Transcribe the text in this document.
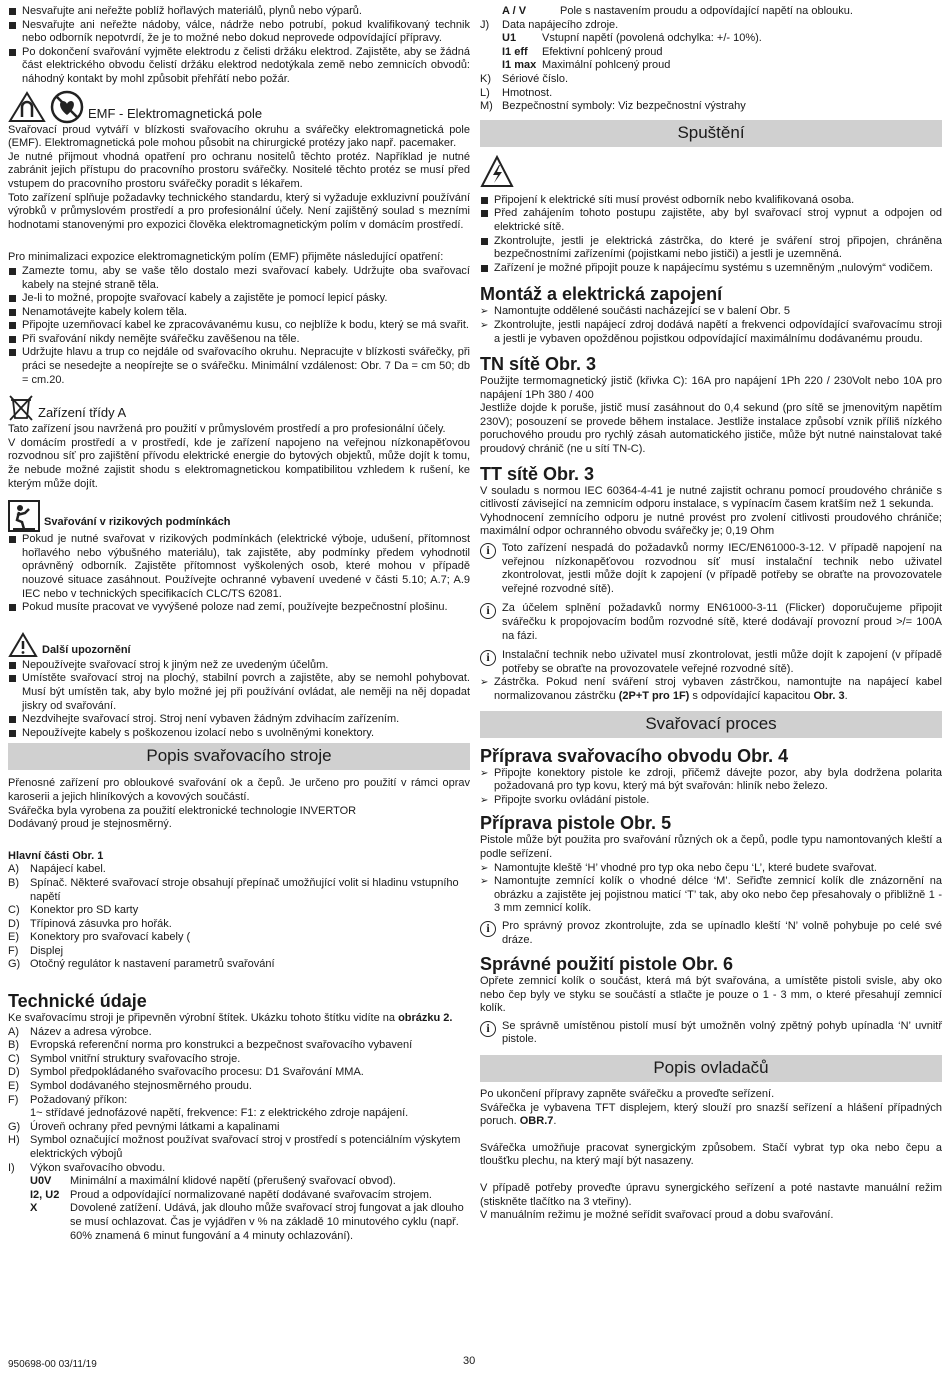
Nesvařujte ani neřežte poblíž hořlavých materiálů, plynů nebo výparů.

Nesvařujte ani neřežte nádoby, válce, nádrže nebo potrubí, pokud kvalifikovaný technik nebo odborník nepotvrdí, že je to možné nebo dokud neprovede odpovídající přípravy.

Po dokončení svařování vyjměte elektrodu z čelisti držáku elektrod. Zajistěte, aby se žádná část elektrického obvodu čelistí držáku elektrod nedotýkala země nebo zemnicích obvodů: náhodný kontakt by mohl způsobit přehřátí nebo požár.

EMF - Elektromagnetická pole

Svařovací proud vytváří v blízkosti svařovacího okruhu a svářečky elektromagnetická pole (EMF). Elektromagnetická pole mohou působit na chirurgické protézy jako např. pacemaker.

Je nutné přijmout vhodná opatření pro ochranu nositelů těchto protéz. Například je nutné zabránit jejich přístupu do pracovního prostoru svářečky. Nositelé těchto protéz se musí před vstupem do pracovního prostoru svářečky poradit s lékařem.

Toto zařízení splňuje požadavky technického standardu, který si vyžaduje exkluzivní používání výrobků v průmyslovém prostředí a pro profesionální účely. Není zajištěný soulad s mezními hodnotami stanovenými pro expozici člověka elektromagnetickým polím v domácím prostředí.

Pro minimalizaci expozice elektromagnetickým polím (EMF) přijměte následující opatření:

Zamezte tomu, aby se vaše tělo dostalo mezi svařovací kabely. Udržujte oba svařovací kabely na stejné straně těla.

Je-li to možné, propojte svařovací kabely a zajistěte je pomocí lepicí pásky.

Nenamotávejte kabely kolem těla.

Připojte uzemňovací kabel ke zpracovávanému kusu, co nejblíže k bodu, který se má svařit.

Při svařování nikdy nemějte svářečku zavěšenou na těle.

Udržujte hlavu a trup co nejdále od svařovacího okruhu. Nepracujte v blízkosti svářečky, při práci se nesedejte a neopírejte se o svářečku. Minimální vzdálenost: Obr. 7 Da = cm 50; db = cm.20.

Zařízení třídy A

Tato zařízení jsou navržená pro použití v průmyslovém prostředí a pro profesionální účely.

V domácím prostředí a v prostředí, kde je zařízení napojeno na veřejnou nízkonapěťovou rozvodnou síť pro zajištění přívodu elektrické energie do bytových objektů, může dojít k tomu, že nebude možné zajistit shodu s elektromagnetickou kompatibilitou vzhledem k rušení, ke kterým může dojít.

Svařování v rizikových podmínkách

Pokud je nutné svařovat v rizikových podmínkách (elektrické výboje, udušení, přítomnost hořlavého nebo výbušného materiálu), tak zajistěte, aby podmínky předem vyhodnotil oprávněný odborník. Zajistěte přítomnost vyškolených osob, které mohou v případě nouzové situace zasáhnout. Používejte ochranné vybavení uvedené v části 5.10; A.7; A.9 IEC nebo v technických specifikacích CLC/TS 62081.

Pokud musíte pracovat ve vyvýšené poloze nad zemí, používejte bezpečnostní plošinu.

Další upozornění

Nepoužívejte svařovací stroj k jiným než ze uvedeným účelům.

Umístěte svařovací stroj na plochý, stabilní povrch a zajistěte, aby se nemohl pohybovat. Musí být umístěn tak, aby bylo možné jej při používání ovládat, ale neměji na něj dopadat jiskry od svařování.

Nezdvihejte svařovací stroj. Stroj není vybaven žádným zdvihacím zařízením.

Nepoužívejte kabely s poškozenou izolací nebo s uvolněnými konektory.

Popis svařovacího stroje

Přenosné zařízení pro obloukové svařování ok a čepů. Je určeno pro použití v rámci oprav karoserii a jejich hliníkových a kovových součástí.

Svářečka byla vyrobena za použití elektronické technologie INVERTOR

Dodávaný proud je stejnosměrný.

Hlavní části Obr. 1

A) Napájecí kabel.

B) Spínač. Některé svařovací stroje obsahují přepínač umožňující volit si hladinu vstupního napětí

C) Konektor pro SD karty

D) Třípinová zásuvka pro hořák.

E) Konektory pro svařovací kabely (

F) Displej

G) Otočný regulátor k nastavení parametrů svařování

Technické údaje

Ke svařovacímu stroji je připevněn výrobní štítek. Ukázku tohoto štítku vidíte na obrázku 2.

A) Název a adresa výrobce.

B) Evropská referenční norma pro konstrukci a bezpečnost svařovacího vybavení

C) Symbol vnitřní struktury svařovacího stroje.

D) Symbol předpokládaného svařovacího procesu: D1 Svařování MMA.

E) Symbol dodávaného stejnosměrného proudu.

F) Požadovaný příkon:

1~ střídavé jednofázové napětí, frekvence: F1: z elektrického zdroje napájení.

G) Úroveň ochrany před pevnými látkami a kapalinami

H) Symbol označující možnost používat svařovací stroj v prostředí s potenciálním výskytem elektrických výbojů

I) Výkon svařovacího obvodu.

U0V	Minimální a maximální klidové napětí (přerušený svařovací obvod).
I2, U2 Proud a odpovídající normalizované napětí dodávané svařovacím strojem.
X	Dovolené zatížení. Udává, jak dlouho může svařovací stroj fungovat a jak dlouho se musí ochlazovat. Čas je vyjádřen v % na základě 10 minutového cyklu (např. 60% znamená 6 minut fungování a 4 minuty ochlazování).
A / V	Pole s nastavením proudu a odpovídající napětí na oblouku.

J) Data napájecího zdroje.

U1	Vstupní napětí (povolená odchylka: +/- 10%).
I1 eff	Efektivní pohlcený proud
I1 max Maximální pohlcený proud

K) Sériové číslo.

L) Hmotnost.

M) Bezpečnostní symboly: Viz bezpečnostní výstrahy

Spuštění

Připojení k elektrické síti musí provést odborník nebo kvalifikovaná osoba.

Před zahájením tohoto postupu zajistěte, aby byl svařovací stroj vypnut a odpojen od elektrické sítě.

Zkontrolujte, jestli je elektrická zástrčka, do které je sváření stroj připojen, chráněna bezpečnostními zařízeními (pojistkami nebo jističi) a jestli je uzemněná.

Zařízení je možné připojit pouze k napájecímu systému s uzemněným „nulovým“ vodičem.

Montáž a elektrická zapojení

➢ Namontujte oddělené součásti nacházející se v balení Obr. 5

➢ Zkontrolujte, jestli napájecí zdroj dodává napětí a frekvenci odpovídající svařovacímu stroji a jestli je vybaven opožděnou pojistkou odpovídající maximálnímu dodávanému proudu.

TN sítě Obr. 3

Použijte termomagnetický jistič (křivka C): 16A pro napájení 1Ph 220 / 230Volt nebo 10A pro napájení 1Ph 380 / 400

Jestliže dojde k poruše, jistič musí zasáhnout do 0,4 sekund (pro sítě se jmenovitým napětím 230V); posouzení se provede během instalace. Jestliže instalace způsobí vznik příliš nízkého poruchového proudu pro rychlý zásah automatického jističe, může být nutné nainstalovat také proudový chránič (ne u sítí TN-C).

TT sítě Obr. 3

V souladu s normou IEC 60364-4-41 je nutné zajistit ochranu pomocí proudového chrániče s citlivostí závisející na zemnicím odporu instalace, s vypínacím časem kratším než 1 sekunda.

Vyhodnocení zemnícího odporu je nutné provést pro zvolení citlivosti proudového chrániče; maximální odpor ochranného obvodu svářečky je; 0,19 Ohm

i	Toto zařízení nespadá do požadavků normy IEC/EN61000-3-12. V případě napojení na veřejnou nízkonapěťovou rozvodnou síť musí instalační technik nebo uživatel zkontrolovat, jestli může dojít k zapojení (v případě potřeby se obraťte na provozovatele veřejné rozvodné sítě).

i	Za účelem splnění požadavků normy EN61000-3-11 (Flicker) doporučujeme připojit svářečku k propojovacím bodům rozvodné sítě, které dodávají provozní proud >/= 100A na fázi.

i	Instalační technik nebo uživatel musí zkontrolovat, jestli může dojít k zapojení (v případě potřeby se obraťte na provozovatele veřejné rozvodné sítě).

➢ Zástrčka. Pokud není sváření stroj vybaven zástrčkou, namontujte na napájecí kabel normalizovanou zástrčku (2P+T pro 1F) s odpovídající kapacitou Obr. 3.

Svařovací proces
Příprava svařovacího obvodu Obr. 4

➢ Připojte konektory pistole ke zdroji, přičemž dávejte pozor, aby byla dodržena polarita požadovaná pro typ kovu, který má být svařován: hliník nebo železo.

➢ Připojte svorku ovládání pistole.

Příprava pistole Obr. 5

Pistole může být použita pro svařování různých ok a čepů, podle typu namontovaných kleští a podle seřízení.

➢ Namontujte kleště ‘H’ vhodné pro typ oka nebo čepu ‘L’, které budete svařovat.

➢ Namontujte zemnící kolík o vhodné délce ‘M’. Seřiďte zemnicí kolík dle znázornění na obrázku a zajistěte jej pojistnou maticí ‘T’ tak, aby oko nebo čep přesahovaly o přibližně 1 - 3 mm zemnicí kolík.

i	Pro správný provoz zkontrolujte, zda se upínadlo kleští ‘N’ volně pohybuje po celé své dráze.

Správné použití pistole Obr. 6

Opřete zemnicí kolík o součást, která má být svařována, a umístěte pistoli svisle, aby oko nebo čep byly ve styku se součástí a stlačte je pouze o 1 - 3 mm, o které přesahují zemnicí kolík.

i	Se správně umístěnou pistolí musí být umožněn volný zpětný pohyb upínadla ‘N’ uvnitř pistole.

Popis ovladačů

Po ukončení přípravy zapněte svářečku a proveďte seřízení.

Svářečka je vybavena TFT displejem, který slouží pro snazší seřízení a hlášení případných poruch. OBR.7.

Svářečka umožňuje pracovat synergickým způsobem. Stačí vybrat typ oka nebo čepu a tloušťku plechu, na který mají být nasazeny.

V případě potřeby proveďte úpravu synergického seřízení a poté nastavte manuální režim (stiskněte tlačítko na 3 vteřiny).

V manuálním režimu je možné seřídit svařovací proud a dobu svařování.

950698-00 03/11/19	30
